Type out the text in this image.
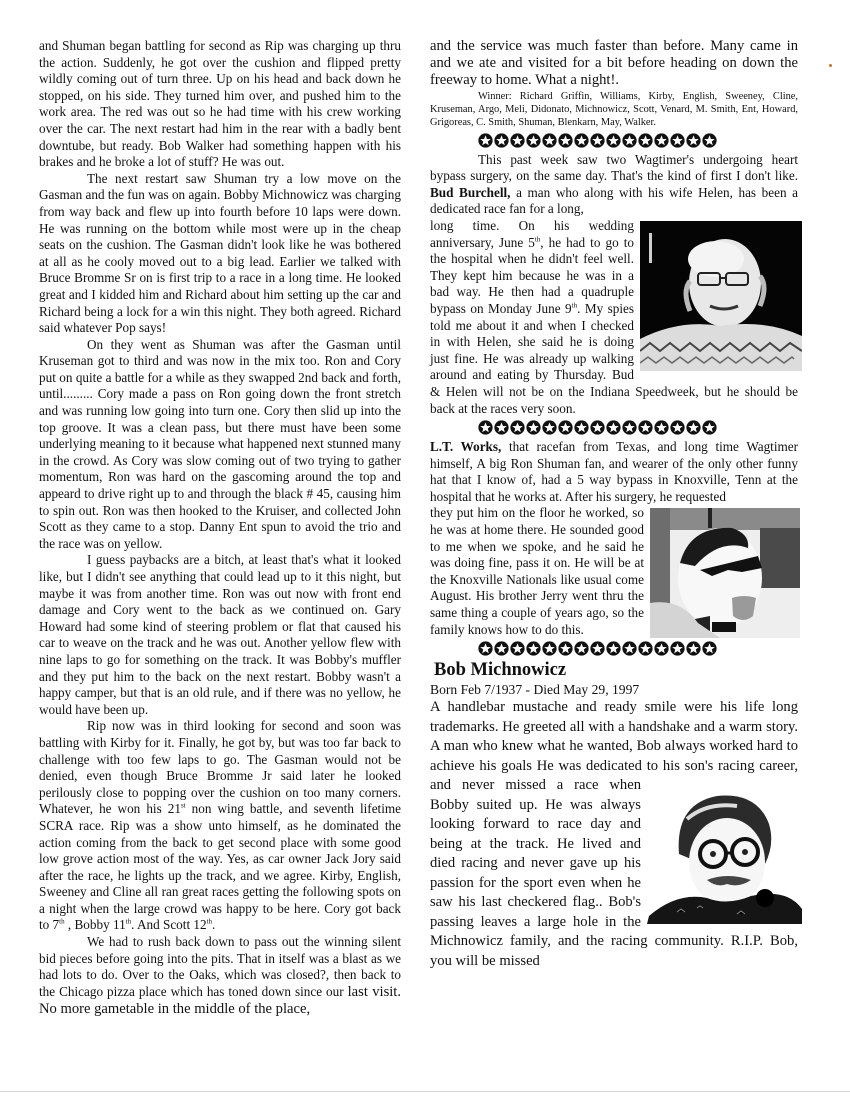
and Shuman began battling for second as Rip was charging up thru the action. Suddenly, he got over the cushion and flipped pretty wildly coming out of turn three. Up on his head and back down he stopped, on his side. They turned him over, and pushed him to the work area. The red was out so he had time with his crew working over the car. The next restart had him in the rear with a badly bent downtube, but ready. Bob Walker had something happen with his brakes and he broke a lot of stuff? He was out.

The next restart saw Shuman try a low move on the Gasman and the fun was on again. Bobby Michnowicz was charging from way back and flew up into fourth before 10 laps were down. He was running on the bottom while most were up in the cheap seats on the cushion. The Gasman didn't look like he was bothered at all as he cooly moved out to a big lead. Earlier we talked with Bruce Bromme Sr on is first trip to a race in a long time. He looked great and I kidded him and Richard about him setting up the car and Richard being a lock for a win this night. They both agreed. Richard said whatever Pop says!

On they went as Shuman was after the Gasman until Kruseman got to third and was now in the mix too. Ron and Cory put on quite a battle for a while as they swapped 2nd back and forth, until......... Cory made a pass on Ron going down the front stretch and was running low going into turn one. Cory then slid up into the top groove. It was a clean pass, but there must have been some underlying meaning to it because what happened next stunned many in the crowd. As Cory was slow coming out of two trying to gather momentum, Ron was hard on the gascoming around the top and appeard to drive right up to and through the black # 45, causing him to spin out. Ron was then hooked to the Kruiser, and collected John Scott as they came to a stop. Danny Ent spun to avoid the trio and the race was on yellow.

I guess paybacks are a bitch, at least that's what it looked like, but I didn't see anything that could lead up to it this night, but maybe it was from another time. Ron was out now with front end damage and Cory went to the back as we continued on. Gary Howard had some kind of steering problem or flat that caused his car to weave on the track and he was out. Another yellow flew with nine laps to go for something on the track. It was Bobby's muffler and they put him to the back on the next restart. Bobby wasn't a happy camper, but that is an old rule, and if there was no yellow, he would have been up.

Rip now was in third looking for second and soon was battling with Kirby for it. Finally, he got by, but was too far back to challenge with too few laps to go. The Gasman would not be denied, even though Bruce Bromme Jr said later he looked perilously close to popping over the cushion on too many corners. Whatever, he won his 21st non wing battle, and seventh lifetime SCRA race. Rip was a show unto himself, as he dominated the action coming from the back to get second place with some good low grove action most of the way. Yes, as car owner Jack Jory said after the race, he lights up the track, and we agree. Kirby, English, Sweeney and Cline all ran great races getting the following spots on a night when the large crowd was happy to be here. Cory got back to 7th , Bobby 11th. And Scott 12th.

We had to rush back down to pass out the winning silent bid pieces before going into the pits. That in itself was a blast as we had lots to do. Over to the Oaks, which was closed?, then back to the Chicago pizza place which has toned down since our last visit. No more gametable in the middle of the place,

and the service was much faster than before. Many came in and we ate and visited for a bit before heading on down the freeway to home. What a night!.

Winner: Richard Griffin, Williams, Kirby, English, Sweeney, Cline, Kruseman, Argo, Meli, Didonato, Michnowicz, Scott, Venard, M. Smith, Ent, Howard, Grigoreas, C. Smith, Shuman, Blenkarn, May, Walker.

This past week saw two Wagtimer's undergoing heart bypass surgery, on the same day. That's the kind of first I don't like. Bud Burchell, a man who along with his wife Helen, has been a dedicated race fan for a long,

long time. On his wedding anniversary, June 5th, he had to go to the hospital when he didn't feel well. They kept him because he was in a bad way. He then had a quadruple bypass on Monday June 9th. My spies told me about it and when I checked in with Helen, she said he is doing just fine. He was already up walking around and eating by Thursday. Bud & Helen will not be on the Indiana Speedweek, but he should be back at the races very soon.

L.T. Works, that racefan from Texas, and long time Wagtimer himself, A big Ron Shuman fan, and wearer of the only other funny hat that I know of, had a 5 way bypass in Knoxville, Tenn at the hospital that he works at. After his surgery, he requested

they put him on the floor he worked, so he was at home there. He sounded good to me when we spoke, and he said he was doing fine, pass it on. He will be at the Knoxville Nationals like usual come August. His brother Jerry went thru the same thing a couple of years ago, so the family knows how to do this.

Bob Michnowicz
Born Feb 7/1937 - Died May 29, 1997

A handlebar mustache and ready smile were his life long trademarks. He greeted all with a handshake and a warm story. A man who knew what he wanted, Bob always worked hard to achieve his goals He was dedicated to his son's racing career, and never
missed a race when Bobby suited up. He was always looking forward to race day and being at the track. He lived and died racing and never gave up his passion for the sport even when he saw his last checkered flag.. Bob's passing leaves a large hole in the Michnowicz family, and the racing community. R.I.P. Bob, you will be missed
